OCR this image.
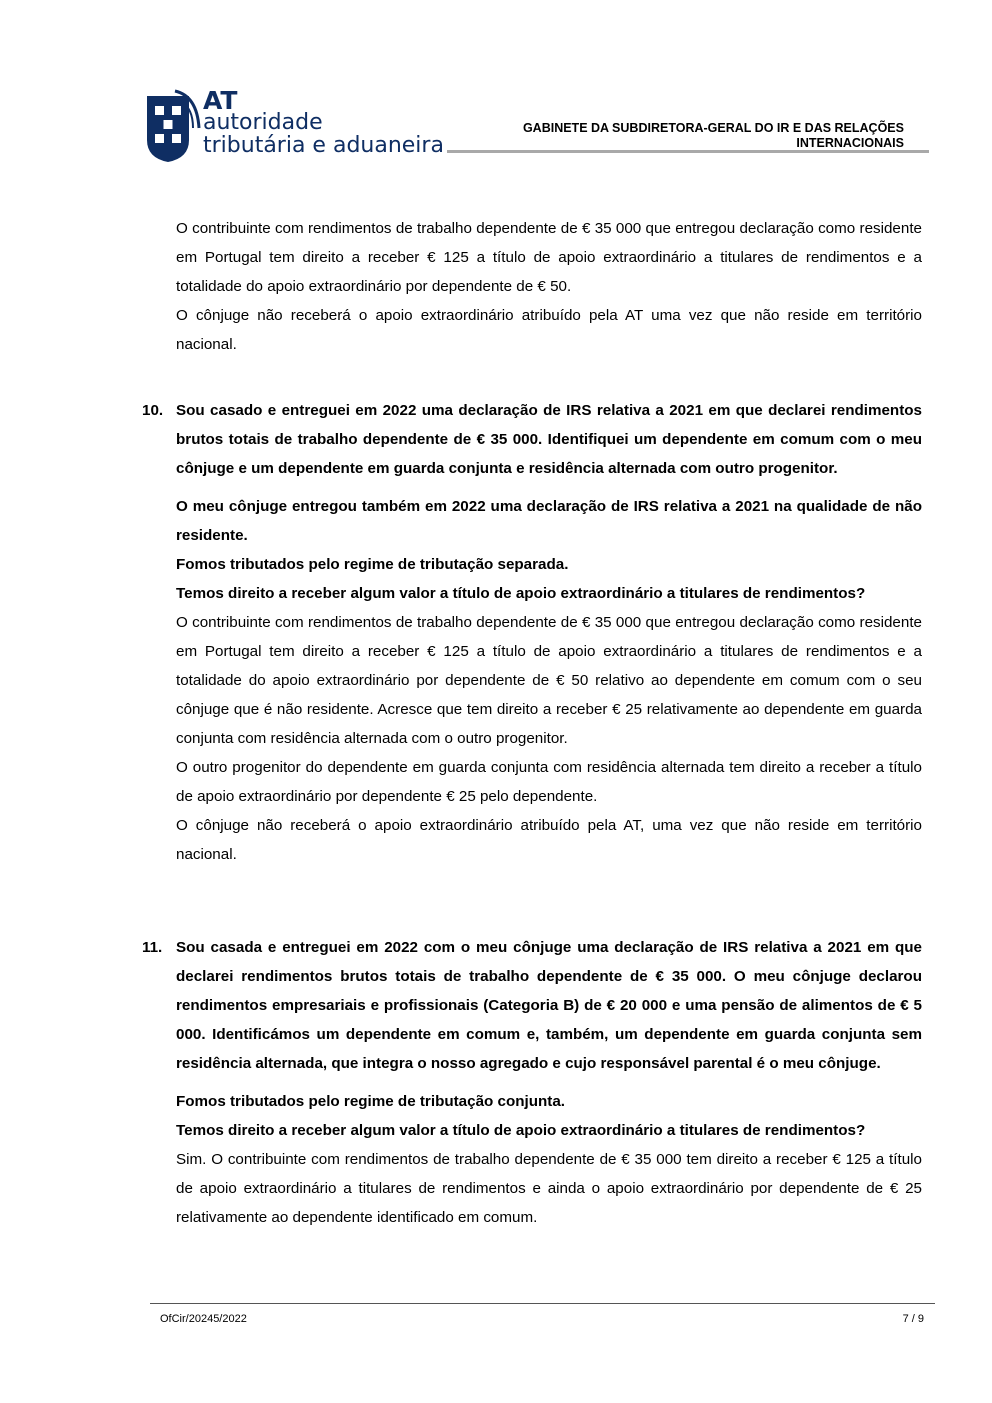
AT
autoridade
tributária e aduaneira
GABINETE DA SUBDIRETORA-GERAL DO IR E DAS RELAÇÕES INTERNACIONAIS

O contribuinte com rendimentos de trabalho dependente de € 35 000 que entregou declaração como residente em Portugal tem direito a receber € 125 a título de apoio extraordinário a titulares de rendimentos e a totalidade do apoio extraordinário por dependente de € 50.

O cônjuge não receberá o apoio extraordinário atribuído pela AT uma vez que não reside em território nacional.

10. Sou casado e entreguei em 2022 uma declaração de IRS relativa a 2021 em que declarei rendimentos brutos totais de trabalho dependente de € 35 000. Identifiquei um dependente em comum com o meu cônjuge e um dependente em guarda conjunta e residência alternada com outro progenitor.

O meu cônjuge entregou também em 2022 uma declaração de IRS relativa a 2021 na qualidade de não residente.

Fomos tributados pelo regime de tributação separada.

Temos direito a receber algum valor a título de apoio extraordinário a titulares de rendimentos?

O contribuinte com rendimentos de trabalho dependente de € 35 000 que entregou declaração como residente em Portugal tem direito a receber € 125 a título de apoio extraordinário a titulares de rendimentos e a totalidade do apoio extraordinário por dependente de € 50 relativo ao dependente em comum com o seu cônjuge que é não residente. Acresce que tem direito a receber € 25 relativamente ao dependente em guarda conjunta com residência alternada com o outro progenitor.

O outro progenitor do dependente em guarda conjunta com residência alternada tem direito a receber a título de apoio extraordinário por dependente € 25 pelo dependente.

O cônjuge não receberá o apoio extraordinário atribuído pela AT, uma vez que não reside em território nacional.

11. Sou casada e entreguei em 2022 com o meu cônjuge uma declaração de IRS relativa a 2021 em que declarei rendimentos brutos totais de trabalho dependente de € 35 000. O meu cônjuge declarou rendimentos empresariais e profissionais (Categoria B) de € 20 000 e uma pensão de alimentos de € 5 000. Identificámos um dependente em comum e, também, um dependente em guarda conjunta sem residência alternada, que integra o nosso agregado e cujo responsável parental é o meu cônjuge.

Fomos tributados pelo regime de tributação conjunta.

Temos direito a receber algum valor a título de apoio extraordinário a titulares de rendimentos?

Sim. O contribuinte com rendimentos de trabalho dependente de € 35 000 tem direito a receber € 125 a título de apoio extraordinário a titulares de rendimentos e ainda o apoio extraordinário por dependente de € 25 relativamente ao dependente identificado em comum.

OfCir/20245/2022	7 / 9
